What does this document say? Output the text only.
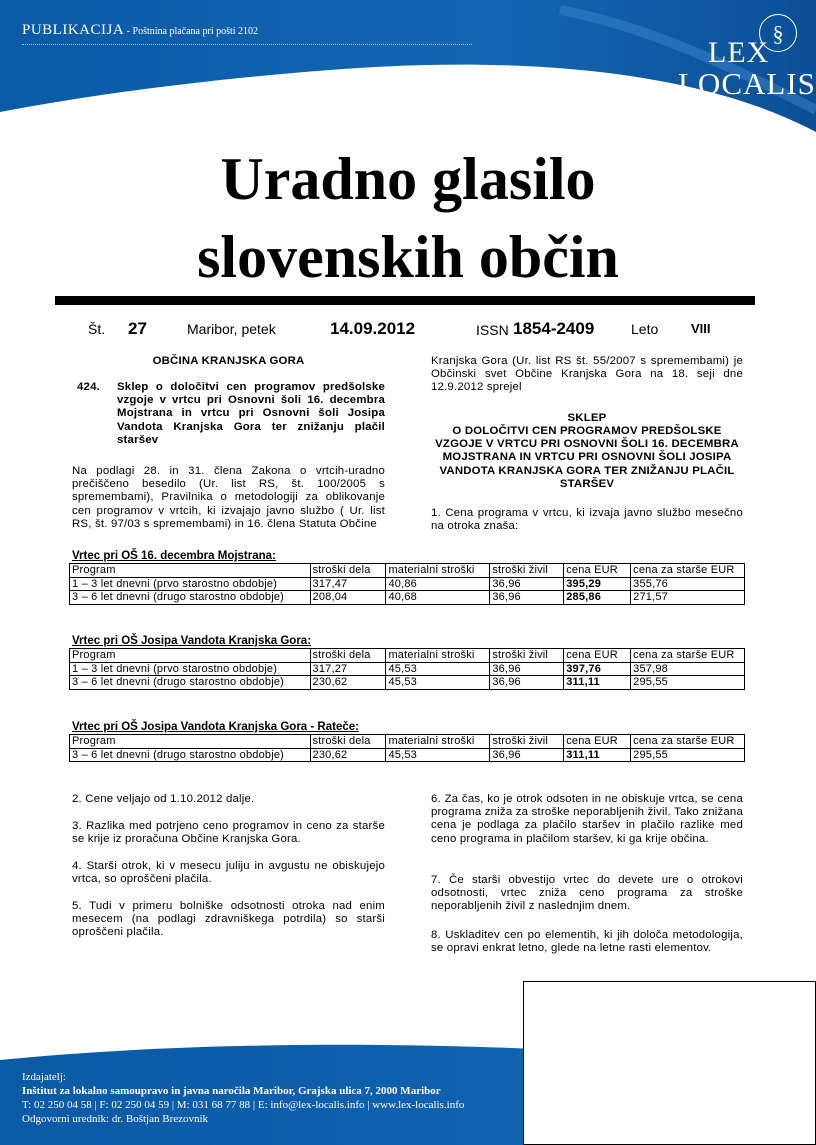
PUBLIKACIJA - Poštnina plačana pri pošti 2102	§
LEX
LOCALIS
Uradno glasilo
slovenskih občin
Št. 27	Maribor, petek	14.09.2012	ISSN 1854-2409	Leto	VIII
OBČINA KRANJSKA GORA
424. Sklep o določitvi cen programov predšolske vzgoje v vrtcu pri Osnovni šoli 16. decembra Mojstrana in vrtcu pri Osnovni šoli Josipa Vandota Kranjska Gora ter znižanju plačil staršev
Na podlagi 28. in 31. člena Zakona o vrtcih-uradno prečiščeno besedilo (Ur. list RS, št. 100/2005 s spremembami), Pravilnika o metodologiji za oblikovanje cen programov v vrtcih, ki izvajajo javno službo ( Ur. list RS, št. 97/03 s spremembami) in 16. člena Statuta Občine
Kranjska Gora (Ur. list RS št. 55/2007 s spremembami) je Občinski svet Občine Kranjska Gora na 18. seji dne 12.9.2012 sprejel
SKLEP
O DOLOČITVI CEN PROGRAMOV PREDŠOLSKE VZGOJE V VRTCU PRI OSNOVNI ŠOLI 16. DECEMBRA MOJSTRANA IN VRTCU PRI OSNOVNI ŠOLI JOSIPA VANDOTA KRANJSKA GORA TER ZNIŽANJU PLAČIL STARŠEV
1. Cena programa v vrtcu, ki izvaja javno službo mesečno na otroka znaša:
Vrtec pri OŠ 16. decembra Mojstrana:
Program	stroški dela	materialni stroški	stroški živil	cena EUR	cena za starše EUR
1 – 3 let dnevni (prvo starostno obdobje)	317,47	40,86	36,96	395,29	355,76
3 – 6 let dnevni (drugo starostno obdobje)	208,04	40,68	36,96	285,86	271,57
Vrtec pri OŠ Josipa Vandota Kranjska Gora:
Program	stroški dela	materialni stroški	stroški živil	cena EUR	cena za starše EUR
1 – 3 let dnevni (prvo starostno obdobje)	317,27	45,53	36,96	397,76	357,98
3 – 6 let dnevni (drugo starostno obdobje)	230,62	45,53	36,96	311,11	295,55
Vrtec pri OŠ Josipa Vandota Kranjska Gora - Rateče:
Program	stroški dela	materialni stroški	stroški živil	cena EUR	cena za starše EUR
3 – 6 let dnevni (drugo starostno obdobje)	230,62	45,53	36,96	311,11	295,55
2. Cene veljajo od 1.10.2012 dalje.
3. Razlika med potrjeno ceno programov in ceno za starše se krije iz proračuna Občine Kranjska Gora.
4. Starši otrok, ki v mesecu juliju in avgustu ne obiskujejo vrtca, so oproščeni plačila.
5. Tudi v primeru bolniške odsotnosti otroka nad enim mesecem (na podlagi zdravniškega potrdila) so starši oproščeni plačila.
6. Za čas, ko je otrok odsoten in ne obiskuje vrtca, se cena programa zniža za stroške neporabljenih živil. Tako znižana cena je podlaga za plačilo staršev in plačilo razlike med ceno programa in plačilom staršev, ki ga krije občina.
7. Če starši obvestijo vrtec do devete ure o otrokovi odsotnosti, vrtec zniža ceno programa za stroške neporabljenih živil z naslednjim dnem.
8. Uskladitev cen po elementih, ki jih določa metodologija, se opravi enkrat letno, glede na letne rasti elementov.
Izdajatelj:
Inštitut za lokalno samoupravo in javna naročila Maribor, Grajska ulica 7, 2000 Maribor
T: 02 250 04 58 | F: 02 250 04 59 | M: 031 68 77 88 | E: info@lex-localis.info | www.lex-localis.info
Odgovorni urednik: dr. Boštjan Brezovnik
